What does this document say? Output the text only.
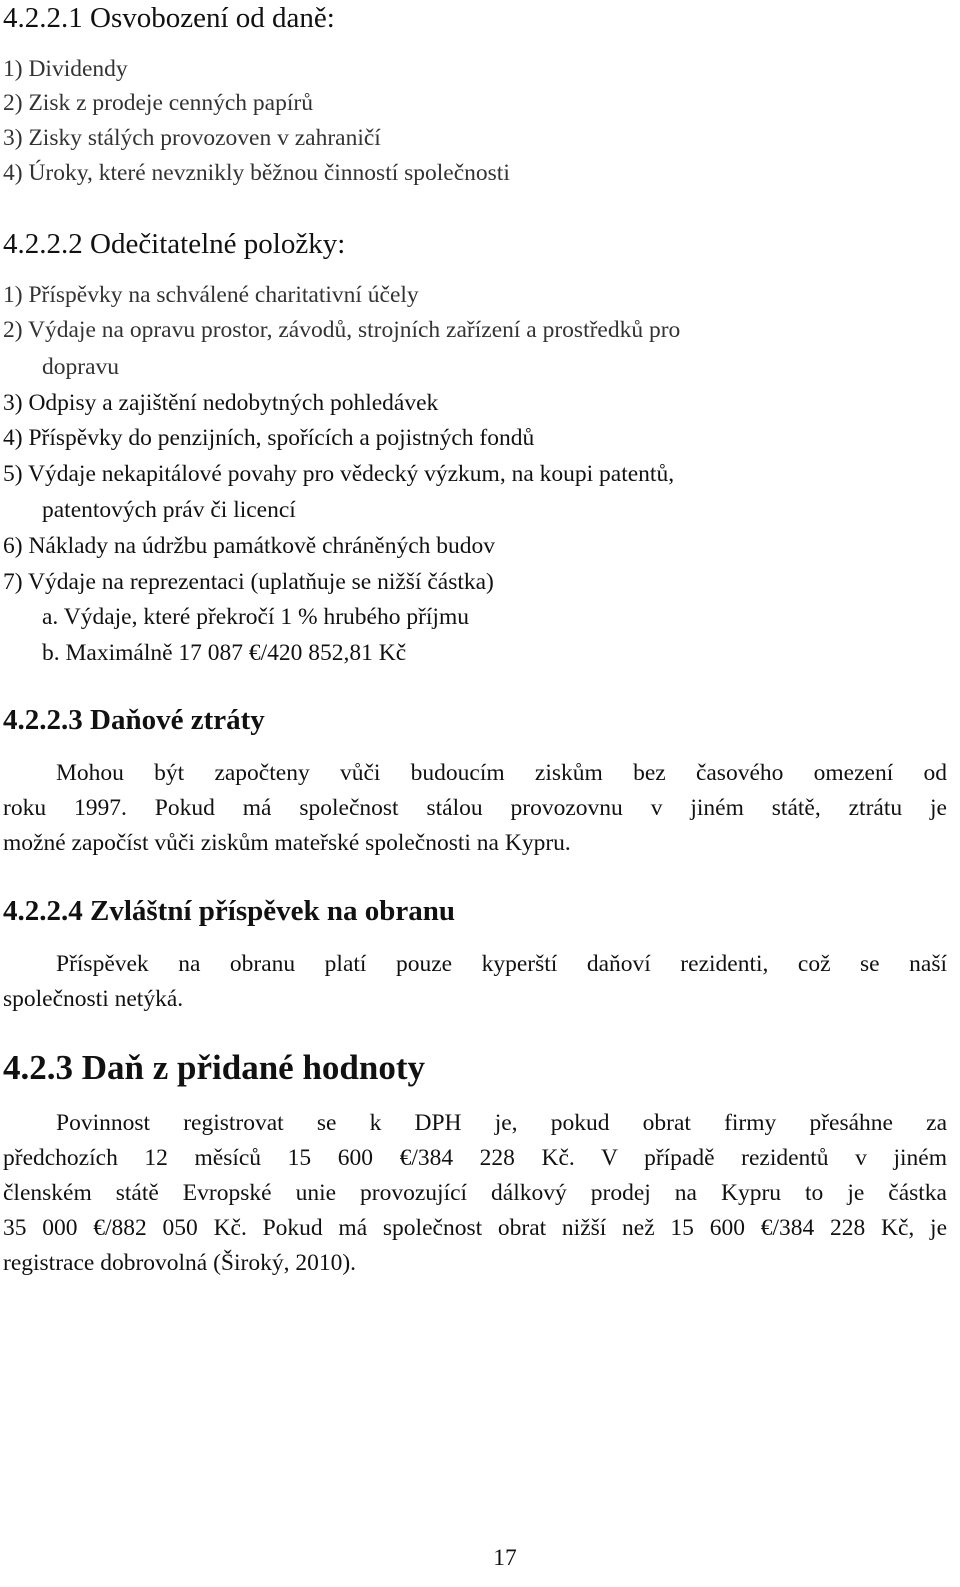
4.2.2.1 Osvobození od daně:
1) Dividendy
2) Zisk z prodeje cenných papírů
3) Zisky stálých provozoven v zahraničí
4) Úroky, které nevznikly běžnou činností společnosti
4.2.2.2 Odečitatelné položky:
1) Příspěvky na schválené charitativní účely
2) Výdaje na opravu prostor, závodů, strojních zařízení a prostředků pro
dopravu
3) Odpisy a zajištění nedobytných pohledávek
4) Příspěvky do penzijních, spořících a pojistných fondů
5) Výdaje nekapitálové povahy pro vědecký výzkum, na koupi patentů,
patentových práv či licencí
6) Náklady na údržbu památkově chráněných budov
7) Výdaje na reprezentaci (uplatňuje se nižší částka)
a. Výdaje, které překročí 1 % hrubého příjmu
b. Maximálně 17 087 €/420 852,81 Kč
4.2.2.3 Daňové ztráty
Mohou být započteny vůči budoucím ziskům bez časového omezení od
roku 1997. Pokud má společnost stálou provozovnu v jiném státě, ztrátu je
možné započíst vůči ziskům mateřské společnosti na Kypru.
4.2.2.4 Zvláštní příspěvek na obranu
Příspěvek na obranu platí pouze kyperští daňoví rezidenti, což se naší
společnosti netýká.
4.2.3 Daň z přidané hodnoty
Povinnost registrovat se k DPH je, pokud obrat firmy přesáhne za
předchozích 12 měsíců 15 600 €/384 228 Kč. V případě rezidentů v jiném
členském státě Evropské unie provozující dálkový prodej na Kypru to je částka
35 000 €/882 050 Kč. Pokud má společnost obrat nižší než 15 600 €/384 228 Kč, je
registrace dobrovolná (Široký, 2010).
17
